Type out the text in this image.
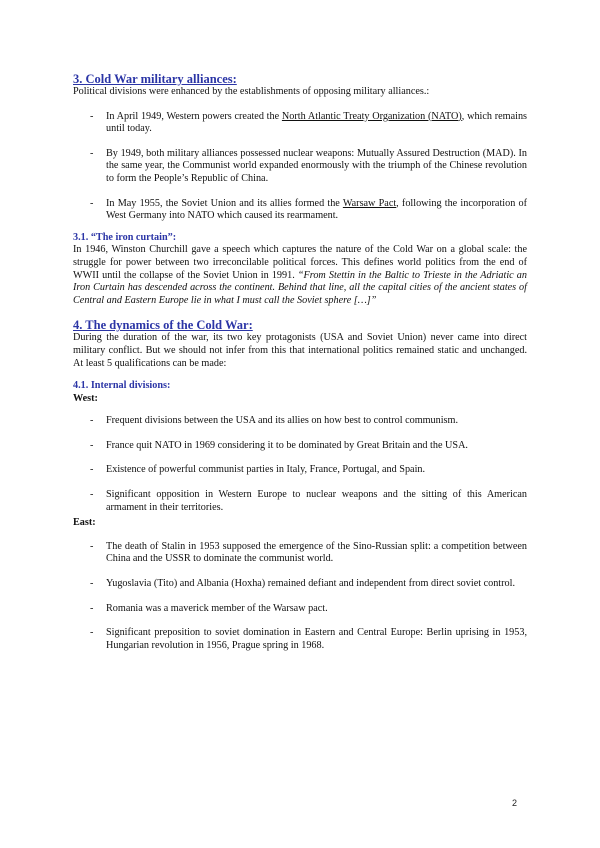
3. Cold War military alliances:

Political divisions were enhanced by the establishments of opposing military alliances.:

- In April 1949, Western powers created the North Atlantic Treaty Organization (NATO), which remains until today.
- By 1949, both military alliances possessed nuclear weapons: Mutually Assured Destruction (MAD). In the same year, the Communist world expanded enormously with the triumph of the Chinese revolution to form the People’s Republic of China.
- In May 1955, the Soviet Union and its allies formed the Warsaw Pact, following the incorporation of West Germany into NATO which caused its rearmament.
3.1. “The iron curtain”:

In 1946, Winston Churchill gave a speech which captures the nature of the Cold War on a global scale: the struggle for power between two irreconcilable political forces. This defines world politics from the end of WWII until the collapse of the Soviet Union in 1991. “From Stettin in the Baltic to Trieste in the Adriatic an Iron Curtain has descended across the continent. Behind that line, all the capital cities of the ancient states of Central and Eastern Europe lie in what I must call the Soviet sphere […]”

4. The dynamics of the Cold War:

During the duration of the war, its two key protagonists (USA and Soviet Union) never came into direct military conflict. But we should not infer from this that international politics remained static and unchanged. At least 5 qualifications can be made:

4.1. Internal divisions:

West:

- Frequent divisions between the USA and its allies on how best to control communism.
- France quit NATO in 1969 considering it to be dominated by Great Britain and the USA.
- Existence of powerful communist parties in Italy, France, Portugal, and Spain.
- Significant opposition in Western Europe to nuclear weapons and the sitting of this American armament in their territories.

East:

- The death of Stalin in 1953 supposed the emergence of the Sino-Russian split: a competition between China and the USSR to dominate the communist world.
- Yugoslavia (Tito) and Albania (Hoxha) remained defiant and independent from direct soviet control.
- Romania was a maverick member of the Warsaw pact.
- Significant preposition to soviet domination in Eastern and Central Europe: Berlin uprising in 1953, Hungarian revolution in 1956, Prague spring in 1968.
2
